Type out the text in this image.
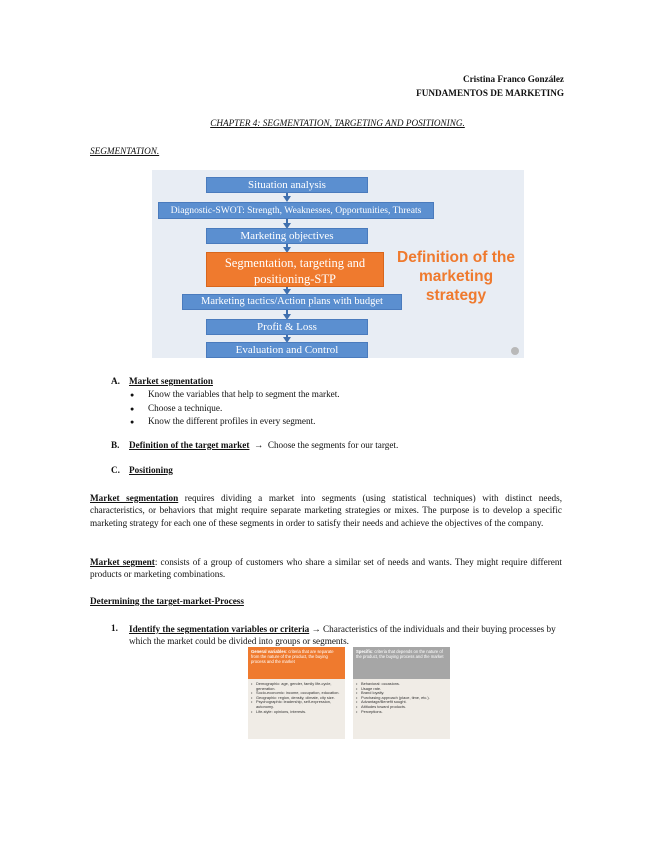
Cristina Franco González
FUNDAMENTOS DE MARKETING
CHAPTER 4: SEGMENTATION, TARGETING AND POSITIONING.
SEGMENTATION.
Situation analysis
Diagnostic-SWOT: Strength, Weaknesses, Opportunities, Threats
Marketing objectives
Segmentation, targeting and positioning-STP
Marketing tactics/Action plans with budget
Profit & Loss
Evaluation and Control
Definition of the marketing strategy
A. Market segmentation
● Know the variables that help to segment the market.
● Choose a technique.
● Know the different profiles in every segment.
B. Definition of the target market  →  Choose the segments for our target.
C. Positioning
Market segmentation requires dividing a market into segments (using statistical techniques) with distinct needs, characteristics, or behaviors that might require separate marketing strategies or mixes. The purpose is to develop a specific marketing strategy for each one of these segments in order to satisfy their needs and achieve the objectives of the company.
Market segment: consists of a group of customers who share a similar set of needs and wants. They might require different products or marketing combinations.
Determining the target-market-Process
1. Identify the segmentation variables or criteria → Characteristics of the individuals and their buying processes by which the market could be divided into groups or segments.
General variables: criteria that are separate from the nature of the product, the buying process and the market
• Demographic: age, gender, family life-cycle, generation.
• Socio-economic: income, occupation, education.
• Geographic: region, density, climate, city size.
• Psychographic: leadership, self-expression, autonomy.
• Life-style: opinions, interests.
Specific: criteria that depends on the nature of the product, the buying process and the market
• Behavioral: occasions.
• Usage rate.
• Brand loyalty.
• Purchasing approach (place, time, etc.).
• Advantage/Benefit sought.
• Attitudes toward products.
• Perceptions.
